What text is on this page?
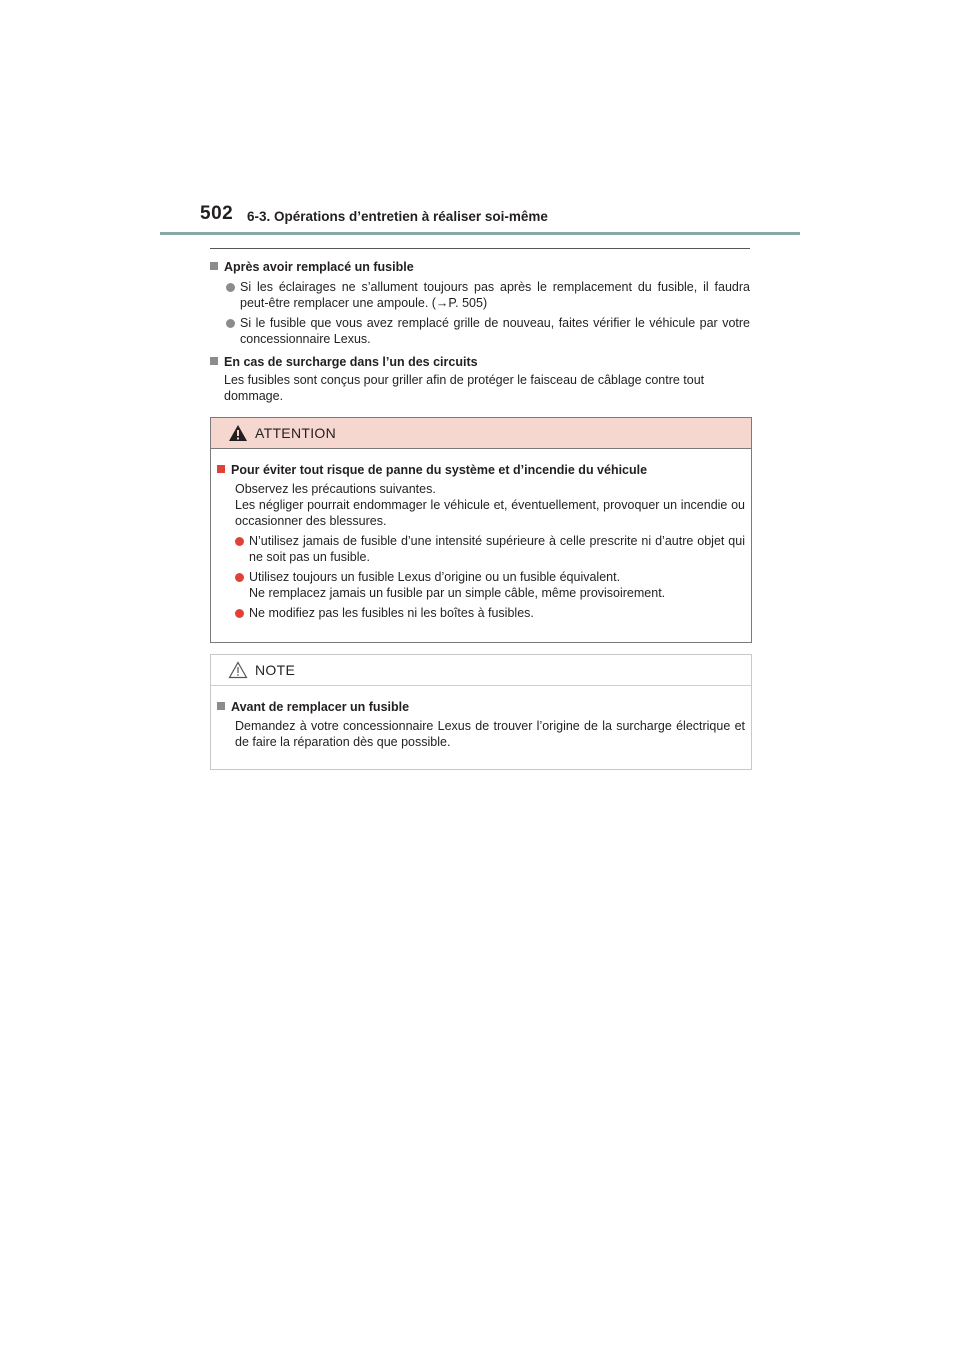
502 6-3. Opérations d’entretien à réaliser soi-même
Après avoir remplacé un fusible
Si les éclairages ne s’allument toujours pas après le remplacement du fusible, il faudra peut-être remplacer une ampoule. (→P. 505)
Si le fusible que vous avez remplacé grille de nouveau, faites vérifier le véhicule par votre concessionnaire Lexus.
En cas de surcharge dans l’un des circuits
Les fusibles sont conçus pour griller afin de protéger le faisceau de câblage contre tout dommage.
ATTENTION
Pour éviter tout risque de panne du système et d’incendie du véhicule
Observez les précautions suivantes.
Les négliger pourrait endommager le véhicule et, éventuellement, provoquer un incendie ou occasionner des blessures.
N’utilisez jamais de fusible d’une intensité supérieure à celle prescrite ni d’autre objet qui ne soit pas un fusible.
Utilisez toujours un fusible Lexus d’origine ou un fusible équivalent.
Ne remplacez jamais un fusible par un simple câble, même provisoirement.
Ne modifiez pas les fusibles ni les boîtes à fusibles.
NOTE
Avant de remplacer un fusible
Demandez à votre concessionnaire Lexus de trouver l’origine de la surcharge électrique et de faire la réparation dès que possible.
